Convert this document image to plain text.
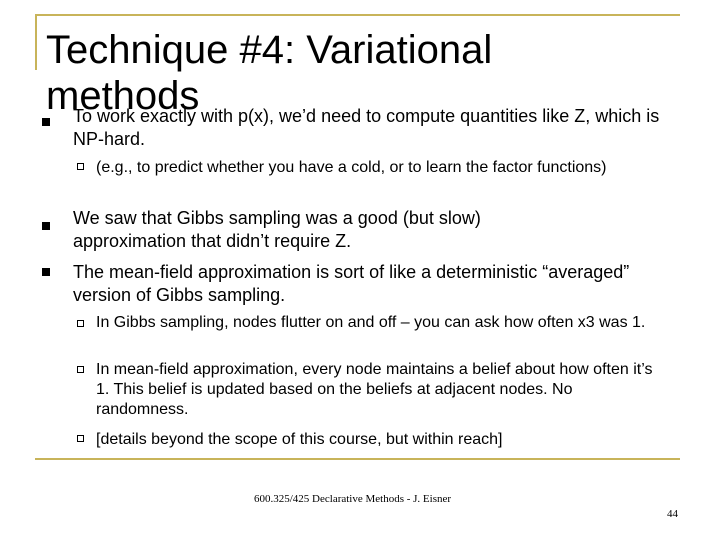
Technique #4: Variational
methods
To work exactly with p(x), we’d need to compute quantities like Z, which is NP-hard.
(e.g., to predict whether you have a cold, or to learn the factor functions)
We saw that Gibbs sampling was a good (but slow) approximation that didn’t require Z.
The mean-field approximation is sort of like a deterministic “averaged” version of Gibbs sampling.
In Gibbs sampling, nodes flutter on and off – you can ask how often x3 was 1.
In mean-field approximation, every node maintains a belief about how often it’s 1. This belief is updated based on the beliefs at adjacent nodes. No randomness.
[details beyond the scope of this course, but within reach]
600.325/425 Declarative Methods - J. Eisner
44
